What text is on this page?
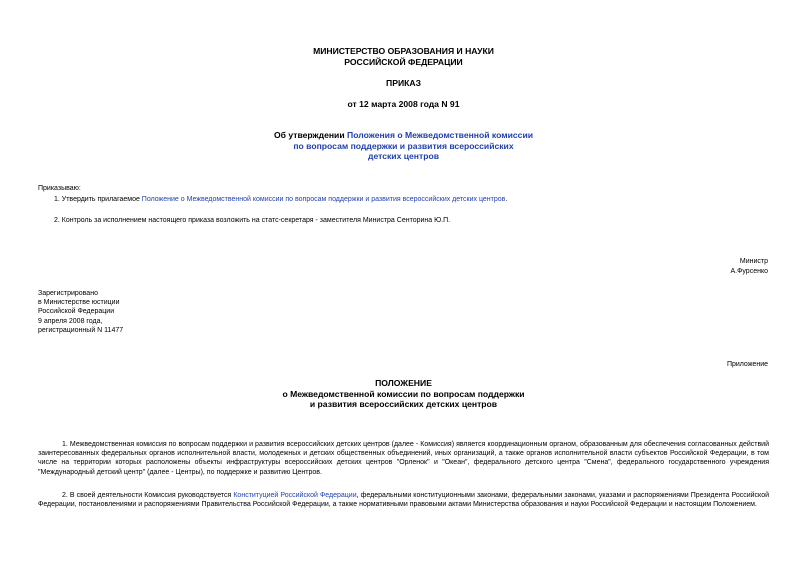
МИНИСТЕРСТВО ОБРАЗОВАНИЯ И НАУКИ
РОССИЙСКОЙ ФЕДЕРАЦИИ
ПРИКАЗ
от 12 марта 2008 года N 91
Об утверждении Положения о Межведомственной комиссии
по вопросам поддержки и развития всероссийских
детских центров
Приказываю:
1. Утвердить прилагаемое Положение о Межведомственной комиссии по вопросам поддержки и развития всероссийских детских центров.
2. Контроль за исполнением настоящего приказа возложить на статс-секретаря - заместителя Министра Сенторина Ю.П.
Министр
А.Фурсенко
Зарегистрировано
в Министерстве юстиции
Российской Федерации
9 апреля 2008 года,
регистрационный N 11477
Приложение
ПОЛОЖЕНИЕ
о Межведомственной комиссии по вопросам поддержки
и развития всероссийских детских центров
1. Межведомственная комиссия по вопросам поддержки и развития всероссийских детских центров (далее - Комиссия) является координационным органом, образованным для обеспечения согласованных действий заинтересованных федеральных органов исполнительной власти, молодежных и детских общественных объединений, иных организаций, а также органов исполнительной власти субъектов Российской Федерации, в том числе на территории которых расположены объекты инфраструктуры всероссийских детских центров "Орленок" и "Океан", федерального детского центра "Смена", федерального государственного учреждения "Международный детский центр" (далее - Центры), по поддержке и развитию Центров.
2. В своей деятельности Комиссия руководствуется Конституцией Российской Федерации, федеральными конституционными законами, федеральными законами, указами и распоряжениями Президента Российской Федерации, постановлениями и распоряжениями Правительства Российской Федерации, а также нормативными правовыми актами Министерства образования и науки Российской Федерации и настоящим Положением.
